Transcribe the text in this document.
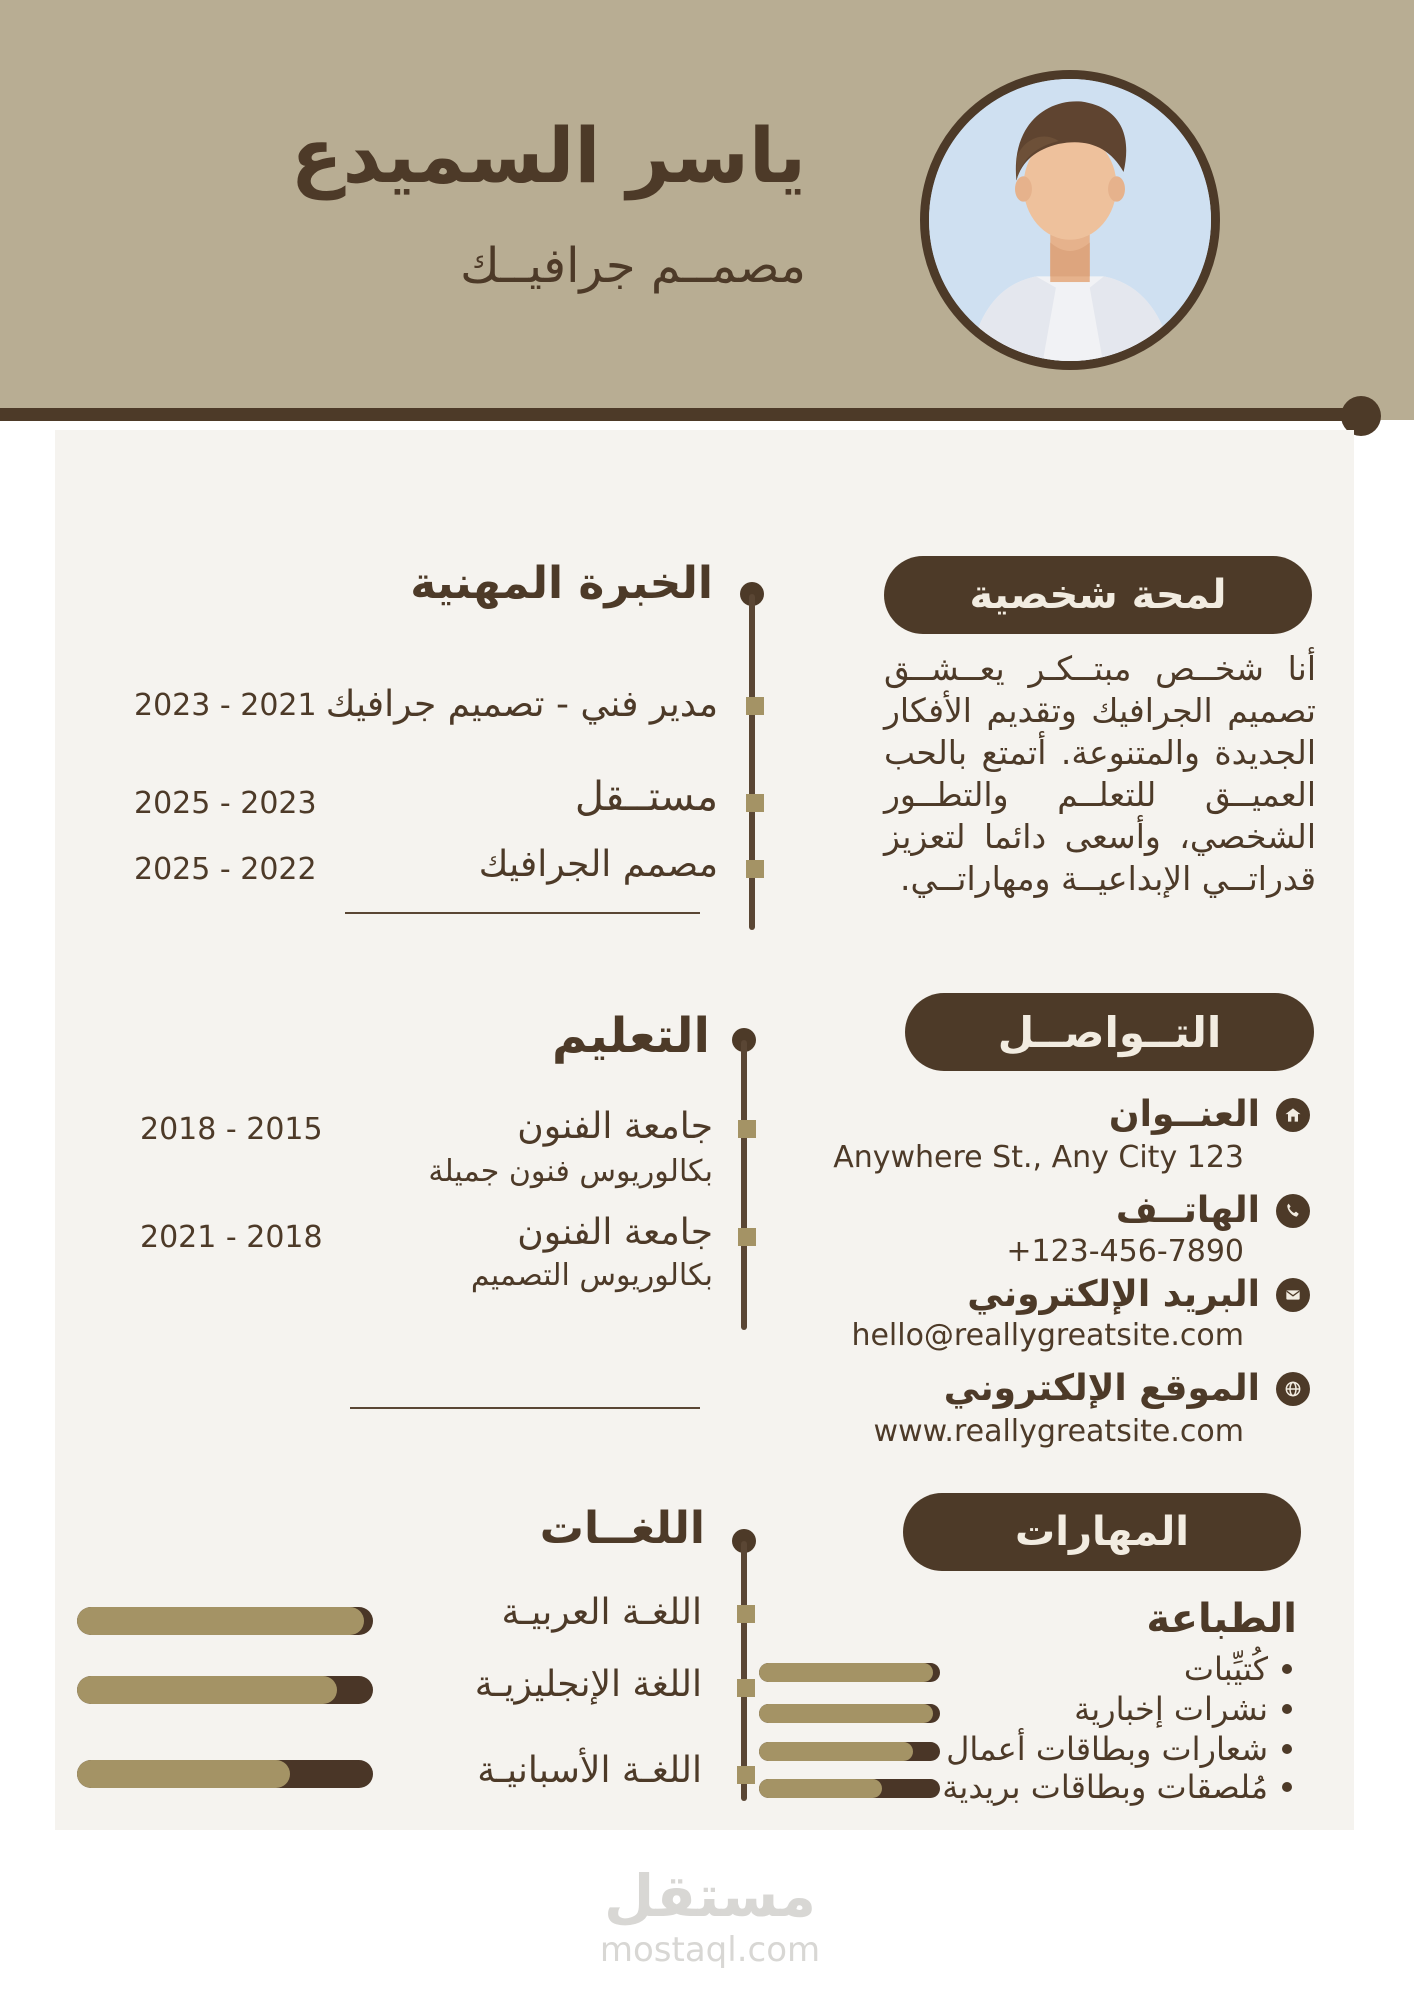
ياسر السميدع
مصمــم جرافيــك
لمحة شخصية
أنا شخــص مبتــكـر يعــشــق تصميم الجرافيك وتقديم الأفكار الجديدة والمتنوعة. أتمتع بالحب العميــق للتعلــم والتطــور الشخصي، وأسعى دائما لتعزيز قدراتــي الإبداعيــة ومهاراتــي.
الخبرة المهنية
مدير فني - تصميم جرافيك
2023 - 2021
مستــقل
2025 - 2023
مصمم الجرافيك
2025 - 2022
التــواصــل
العنــوان
Anywhere St., Any City 123
الهاتــف
+123-456-7890
البريد الإلكتروني
hello@reallygreatsite.com
الموقع الإلكتروني
www.reallygreatsite.com
التعليم
جامعة الفنون
2018 - 2015
بكالوريوس فنون جميلة
جامعة الفنون
2021 - 2018
بكالوريوس التصميم
المهارات
الطباعة
كُتيِّبات
نشرات إخبارية
شعارات وبطاقات أعمال
مُلصقات وبطاقات بريدية
اللغــات
اللغـة العربيـة
اللغة الإنجليزيـة
اللغـة الأسبانيـة
مستقل
mostaql.com
